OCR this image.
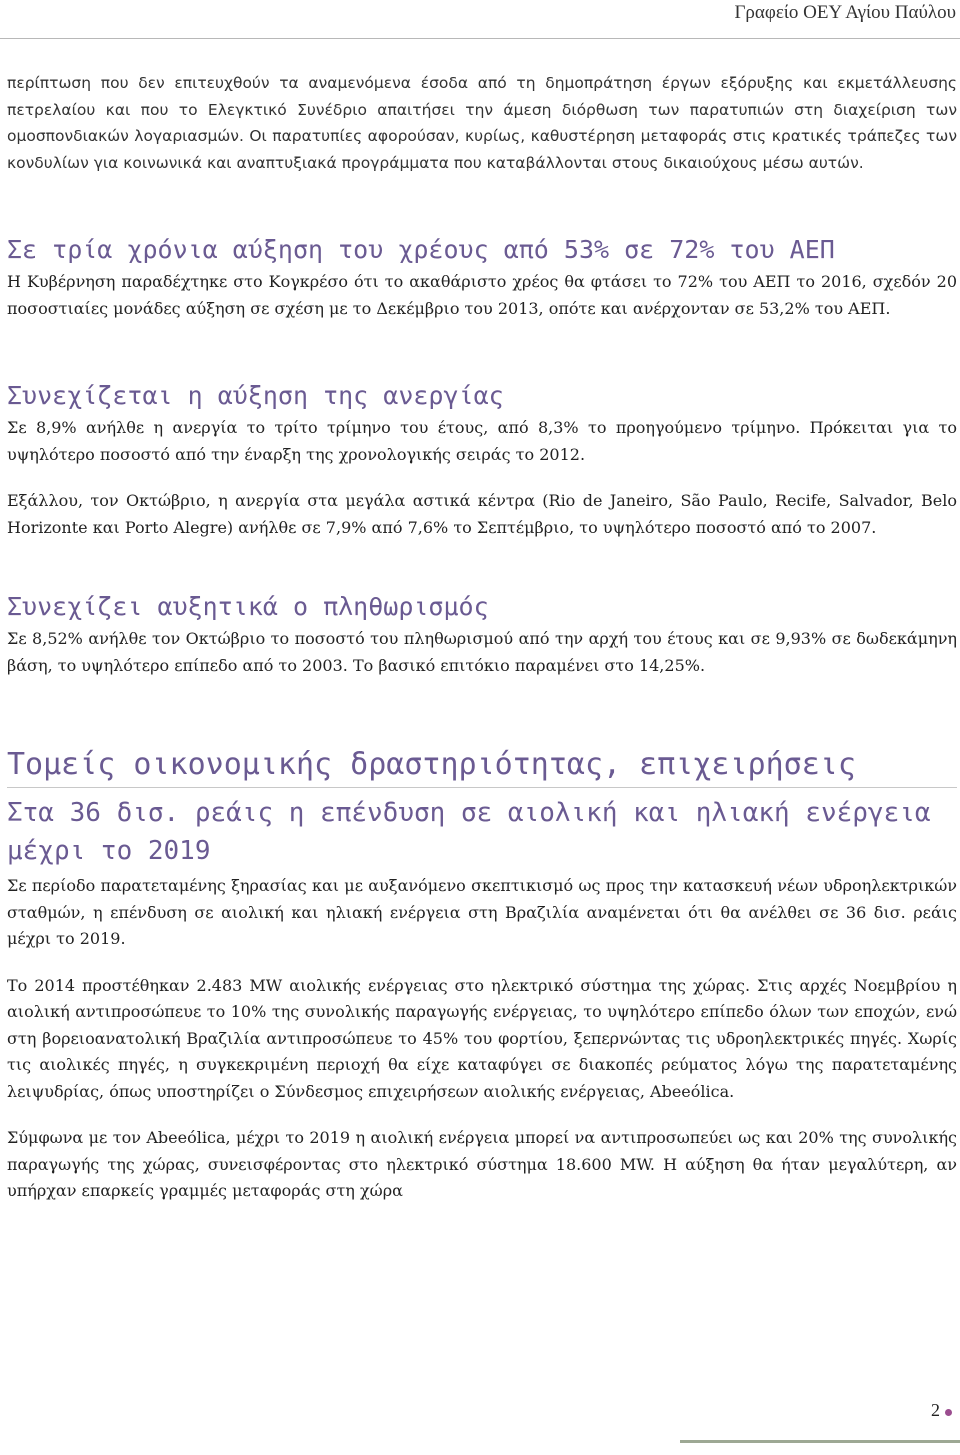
Γραφείο ΟΕΥ Αγίου Παύλου

περίπτωση που δεν επιτευχθούν τα αναμενόμενα έσοδα από τη δημοπράτηση έργων εξόρυξης και εκμετάλλευσης πετρελαίου και που το Ελεγκτικό Συνέδριο απαιτήσει την άμεση διόρθωση των παρατυπιών στη διαχείριση των ομοσπονδιακών λογαριασμών. Οι παρατυπίες αφορούσαν, κυρίως, καθυστέρηση μεταφοράς στις κρατικές τράπεζες των κονδυλίων για κοινωνικά και αναπτυξιακά προγράμματα που καταβάλλονται στους δικαιούχους μέσω αυτών.

Σε τρία χρόνια αύξηση του χρέους από 53% σε 72% του ΑΕΠ

Η Κυβέρνηση παραδέχτηκε στο Κογκρέσο ότι το ακαθάριστο χρέος θα φτάσει το 72% του ΑΕΠ το 2016, σχεδόν 20 ποσοστιαίες μονάδες αύξηση σε σχέση με το Δεκέμβριο του 2013, οπότε και ανέρχονταν σε 53,2% του ΑΕΠ.

Συνεχίζεται η αύξηση της ανεργίας

Σε 8,9% ανήλθε η ανεργία το τρίτο τρίμηνο του έτους, από 8,3% το προηγούμενο τρίμηνο. Πρόκειται για το υψηλότερο ποσοστό από την έναρξη της χρονολογικής σειράς το 2012.

Εξάλλου, τον Οκτώβριο, η ανεργία στα μεγάλα αστικά κέντρα (Rio de Janeiro, São Paulo, Recife, Salvador, Belo Horizonte και Porto Alegre) ανήλθε σε 7,9% από 7,6% το Σεπτέμβριο, το υψηλότερο ποσοστό από το 2007.

Συνεχίζει αυξητικά ο πληθωρισμός

Σε 8,52% ανήλθε τον Οκτώβριο το ποσοστό του πληθωρισμού από την αρχή του έτους και σε 9,93% σε δωδεκάμηνη βάση, το υψηλότερο επίπεδο από το 2003. Το βασικό επιτόκιο παραμένει στο 14,25%.

Τομείς οικονομικής δραστηριότητας, επιχειρήσεις
Στα 36 δισ. ρεάις η επένδυση σε αιολική και ηλιακή ενέργεια μέχρι το 2019

Σε περίοδο παρατεταμένης ξηρασίας και με αυξανόμενο σκεπτικισμό ως προς την κατασκευή νέων υδροηλεκτρικών σταθμών, η επένδυση σε αιολική και ηλιακή ενέργεια στη Βραζιλία αναμένεται ότι θα ανέλθει σε 36 δισ. ρεάις μέχρι το 2019.

Το 2014 προστέθηκαν 2.483 MW αιολικής ενέργειας στο ηλεκτρικό σύστημα της χώρας. Στις αρχές Νοεμβρίου η αιολική αντιπροσώπευε το 10% της συνολικής παραγωγής ενέργειας, το υψηλότερο επίπεδο όλων των εποχών, ενώ στη βορειοανατολική Βραζιλία αντιπροσώπευε το 45% του φορτίου, ξεπερνώντας τις υδροηλεκτρικές πηγές. Χωρίς τις αιολικές πηγές, η συγκεκριμένη περιοχή θα είχε καταφύγει σε διακοπές ρεύματος λόγω της παρατεταμένης λειψυδρίας, όπως υποστηρίζει ο Σύνδεσμος επιχειρήσεων αιολικής ενέργειας, Abeeólica.

Σύμφωνα με τον Abeeólica, μέχρι το 2019 η αιολική ενέργεια μπορεί να αντιπροσωπεύει ως και 20% της συνολικής παραγωγής της χώρας, συνεισφέροντας στο ηλεκτρικό σύστημα 18.600 MW. Η αύξηση θα ήταν μεγαλύτερη, αν υπήρχαν επαρκείς γραμμές μεταφοράς στη χώρα

2
